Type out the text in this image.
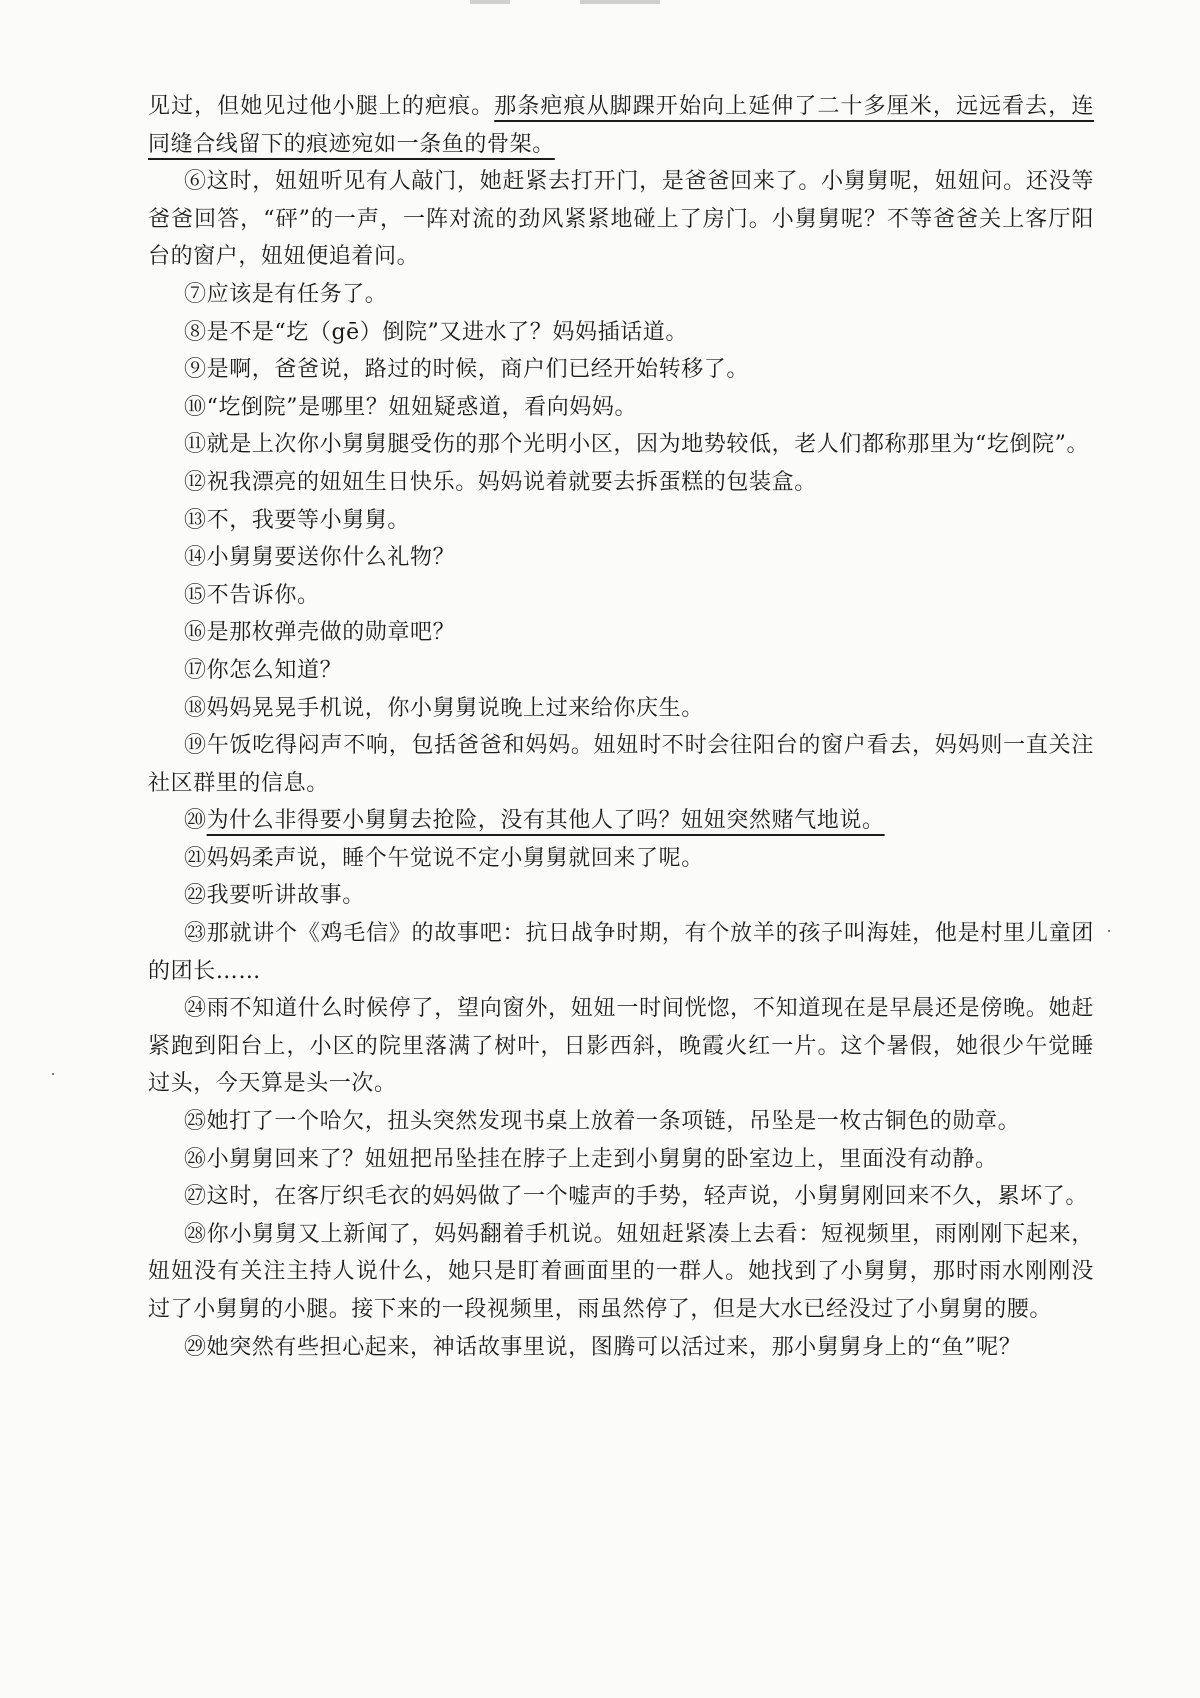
见过，但她见过他小腿上的疤痕。那条疤痕从脚踝开始向上延伸了二十多厘米，远远看去，连同缝合线留下的痕迹宛如一条鱼的骨架。

⑥这时，妞妞听见有人敲门，她赶紧去打开门，是爸爸回来了。小舅舅呢，妞妞问。还没等爸爸回答，“砰”的一声，一阵对流的劲风紧紧地碰上了房门。小舅舅呢？不等爸爸关上客厅阳台的窗户，妞妞便追着问。

⑦应该是有任务了。

⑧是不是“圪（gē）倒院”又进水了？妈妈插话道。

⑨是啊，爸爸说，路过的时候，商户们已经开始转移了。

⑩“圪倒院”是哪里？妞妞疑惑道，看向妈妈。

⑪就是上次你小舅舅腿受伤的那个光明小区，因为地势较低，老人们都称那里为“圪倒院”。

⑫祝我漂亮的妞妞生日快乐。妈妈说着就要去拆蛋糕的包装盒。

⑬不，我要等小舅舅。

⑭小舅舅要送你什么礼物？

⑮不告诉你。

⑯是那枚弹壳做的勋章吧？

⑰你怎么知道？

⑱妈妈晃晃手机说，你小舅舅说晚上过来给你庆生。

⑲午饭吃得闷声不响，包括爸爸和妈妈。妞妞时不时会往阳台的窗户看去，妈妈则一直关注社区群里的信息。

⑳为什么非得要小舅舅去抢险，没有其他人了吗？妞妞突然赌气地说。

㉑妈妈柔声说，睡个午觉说不定小舅舅就回来了呢。

㉒我要听讲故事。

㉓那就讲个《鸡毛信》的故事吧：抗日战争时期，有个放羊的孩子叫海娃，他是村里儿童团的团长……

㉔雨不知道什么时候停了，望向窗外，妞妞一时间恍惚，不知道现在是早晨还是傍晚。她赶紧跑到阳台上，小区的院里落满了树叶，日影西斜，晚霞火红一片。这个暑假，她很少午觉睡过头，今天算是头一次。

㉕她打了一个哈欠，扭头突然发现书桌上放着一条项链，吊坠是一枚古铜色的勋章。

㉖小舅舅回来了？妞妞把吊坠挂在脖子上走到小舅舅的卧室边上，里面没有动静。

㉗这时，在客厅织毛衣的妈妈做了一个嘘声的手势，轻声说，小舅舅刚回来不久，累坏了。

㉘你小舅舅又上新闻了，妈妈翻着手机说。妞妞赶紧凑上去看：短视频里，雨刚刚下起来，妞妞没有关注主持人说什么，她只是盯着画面里的一群人。她找到了小舅舅，那时雨水刚刚没过了小舅舅的小腿。接下来的一段视频里，雨虽然停了，但是大水已经没过了小舅舅的腰。

㉙她突然有些担心起来，神话故事里说，图腾可以活过来，那小舅舅身上的“鱼”呢？
